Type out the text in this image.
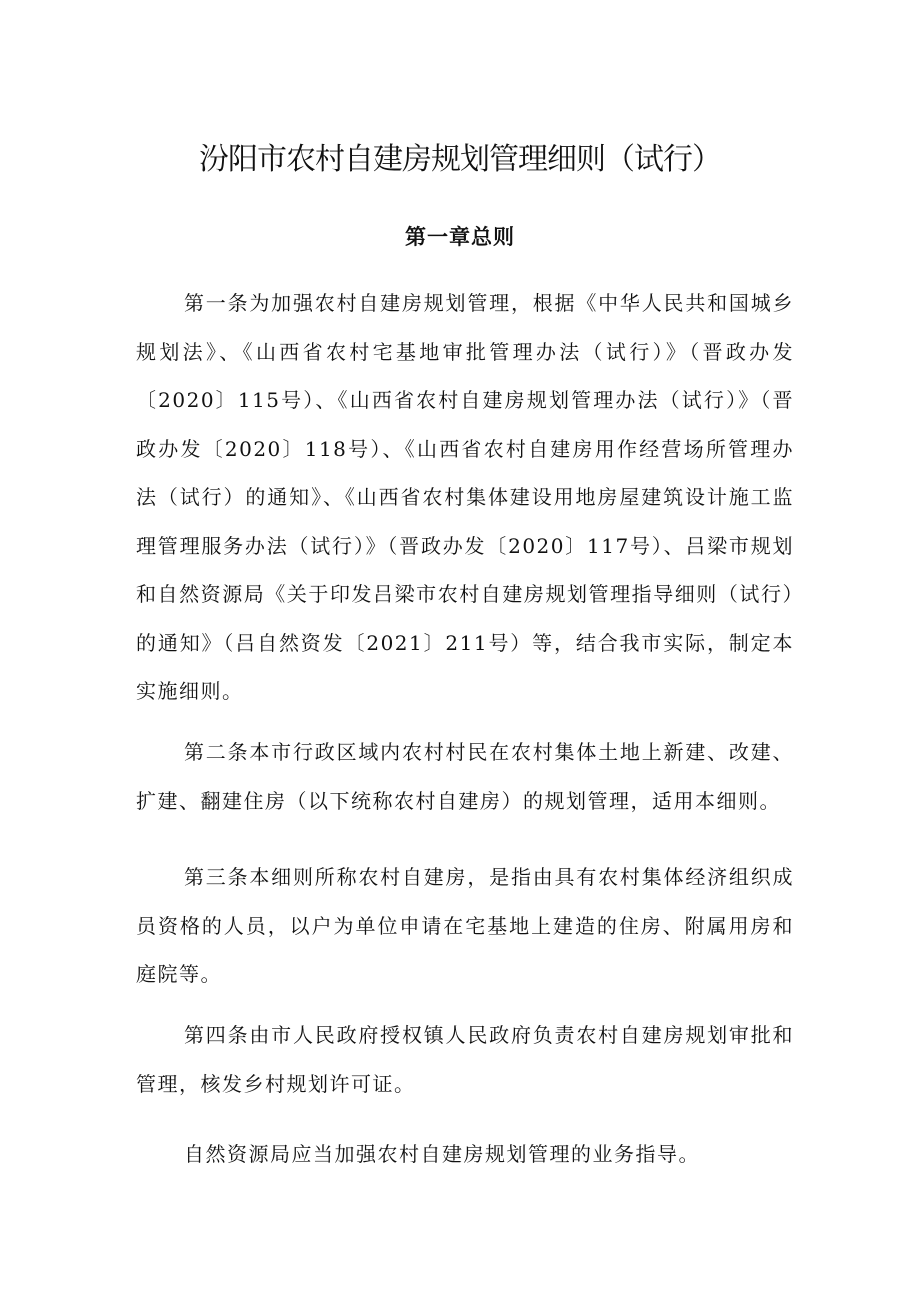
汾阳市农村自建房规划管理细则（试行）
第一章总则

第一条为加强农村自建房规划管理，根据《中华人民共和国城乡规划法》、《山西省农村宅基地审批管理办法（试行）》（晋政办发〔2020〕115号）、《山西省农村自建房规划管理办法（试行）》（晋政办发〔2020〕118号）、《山西省农村自建房用作经营场所管理办法（试行）的通知》、《山西省农村集体建设用地房屋建筑设计施工监理管理服务办法（试行）》（晋政办发〔2020〕117号）、吕梁市规划和自然资源局《关于印发吕梁市农村自建房规划管理指导细则（试行）的通知》（吕自然资发〔2021〕211号）等，结合我市实际，制定本实施细则。

第二条本市行政区域内农村村民在农村集体土地上新建、改建、扩建、翻建住房（以下统称农村自建房）的规划管理，适用本细则。

第三条本细则所称农村自建房，是指由具有农村集体经济组织成员资格的人员，以户为单位申请在宅基地上建造的住房、附属用房和庭院等。

第四条由市人民政府授权镇人民政府负责农村自建房规划审批和管理，核发乡村规划许可证。

自然资源局应当加强农村自建房规划管理的业务指导。
